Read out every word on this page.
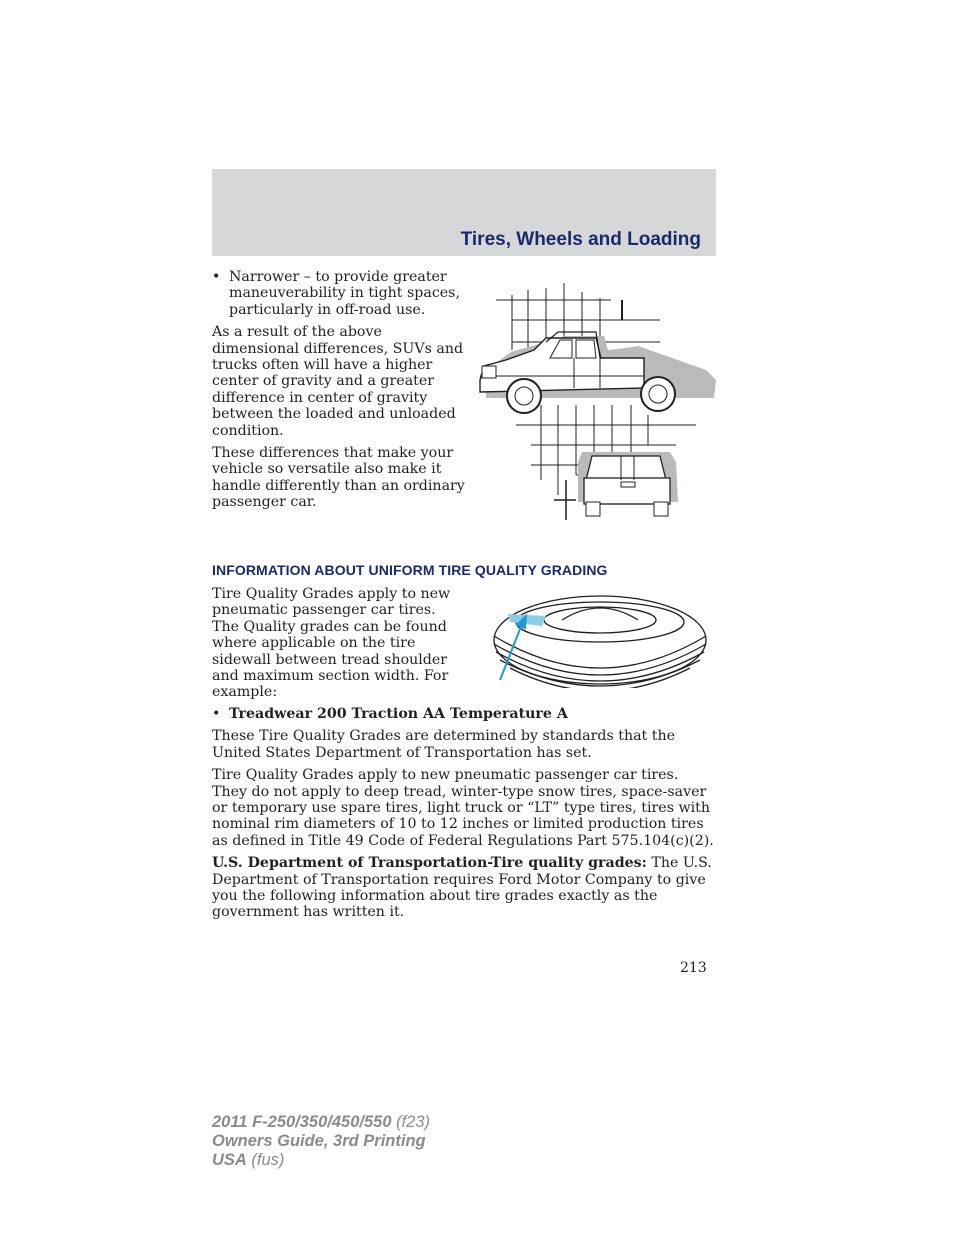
Tires, Wheels and Loading
• Narrower – to provide greater maneuverability in tight spaces, particularly in off-road use.

As a result of the above dimensional differences, SUVs and trucks often will have a higher center of gravity and a greater difference in center of gravity between the loaded and unloaded condition.

These differences that make your vehicle so versatile also make it handle differently than an ordinary passenger car.

INFORMATION ABOUT UNIFORM TIRE QUALITY GRADING

Tire Quality Grades apply to new pneumatic passenger car tires. The Quality grades can be found where applicable on the tire sidewall between tread shoulder and maximum section width. For example:

• Treadwear 200 Traction AA Temperature A

These Tire Quality Grades are determined by standards that the United States Department of Transportation has set.

Tire Quality Grades apply to new pneumatic passenger car tires. They do not apply to deep tread, winter-type snow tires, space-saver or temporary use spare tires, light truck or “LT” type tires, tires with nominal rim diameters of 10 to 12 inches or limited production tires as defined in Title 49 Code of Federal Regulations Part 575.104(c)(2).

U.S. Department of Transportation-Tire quality grades: The U.S. Department of Transportation requires Ford Motor Company to give you the following information about tire grades exactly as the government has written it.

213
2011 F-250/350/450/550 (f23)
Owners Guide, 3rd Printing
USA (fus)
